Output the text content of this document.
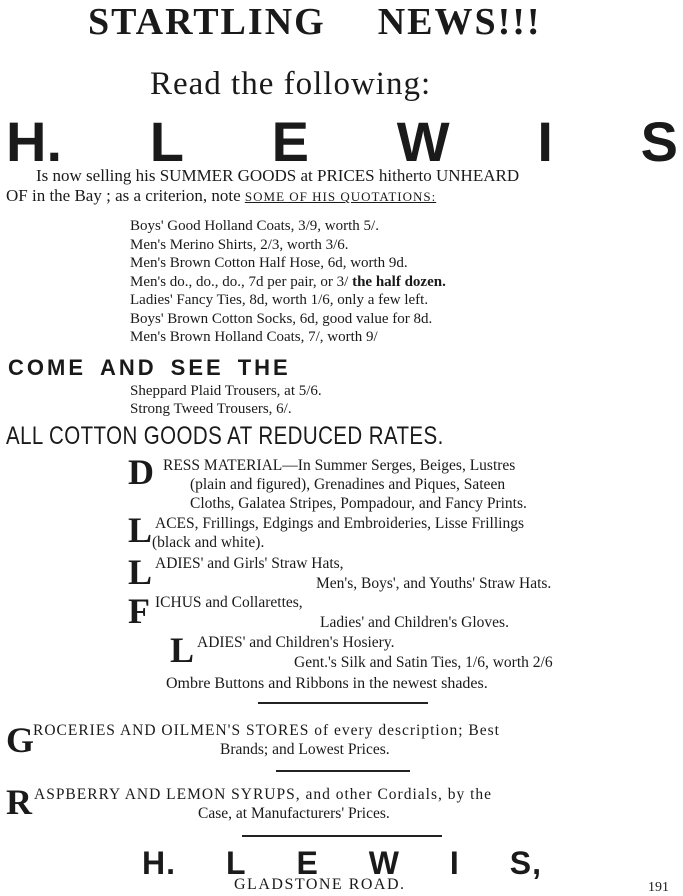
STARTLING NEWS!!!
Read the following:
H. L E W I S
Is now selling his SUMMER GOODS at PRICES hitherto UNHEARD
OF in the Bay ; as a criterion, note SOME OF HIS QUOTATIONS:
Boys' Good Holland Coats, 3/9, worth 5/.
Men's Merino Shirts, 2/3, worth 3/6.
Men's Brown Cotton Half Hose, 6d, worth 9d.
Men's do., do., do., 7d per pair, or 3/ the half dozen.
Ladies' Fancy Ties, 8d, worth 1/6, only a few left.
Boys' Brown Cotton Socks, 6d, good value for 8d.
Men's Brown Holland Coats, 7/, worth 9/
COME AND SEE THE
Sheppard Plaid Trousers, at 5/6.
Strong Tweed Trousers, 6/.
ALL COTTON GOODS AT REDUCED RATES.
D RESS MATERIAL—In Summer Serges, Beiges, Lustres
(plain and figured), Grenadines and Piques, Sateen
Cloths, Galatea Stripes, Pompadour, and Fancy Prints.
L ACES, Frillings, Edgings and Embroideries, Lisse Frillings
(black and white).
L ADIES' and Girls' Straw Hats,
Men's, Boys', and Youths' Straw Hats.
F ICHUS and Collarettes,
Ladies' and Children's Gloves.
L ADIES' and Children's Hosiery.
Gent.'s Silk and Satin Ties, 1/6, worth 2/6
Ombre Buttons and Ribbons in the newest shades.
G
ROCERIES AND OILMEN'S STORES of every description; Best
Brands; and Lowest Prices.
R ASPBERRY AND LEMON SYRUPS, and other Cordials, by the
Case, at Manufacturers' Prices.
H. L E W I S,
GLADSTONE ROAD.	191
